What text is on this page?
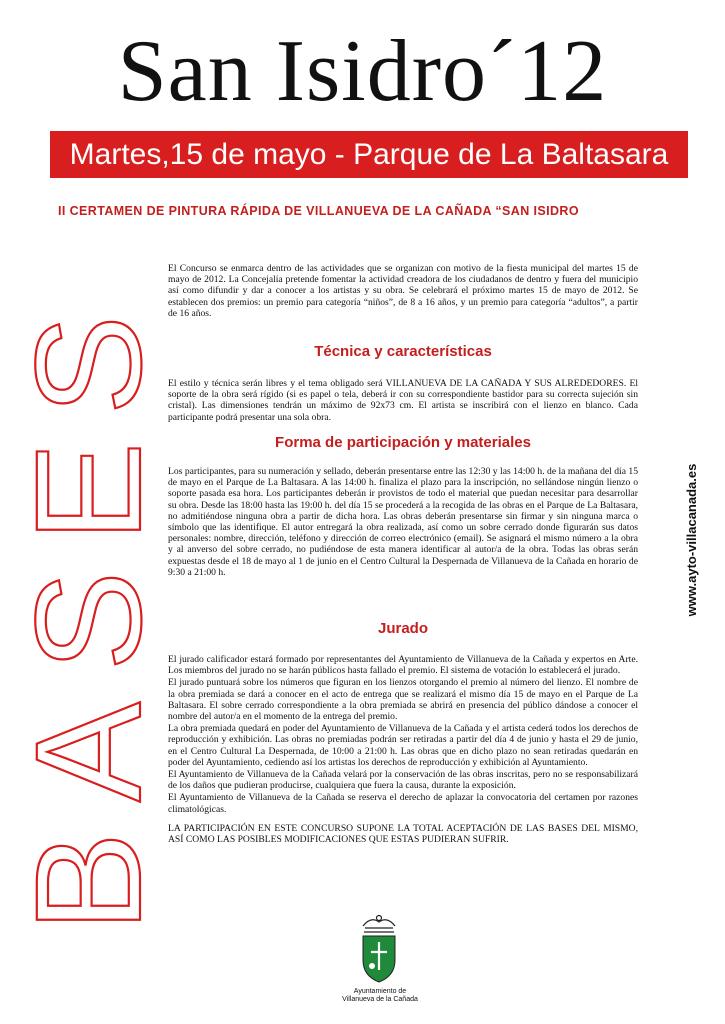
San Isidro´12
Martes,15 de mayo - Parque de La Baltasara
II CERTAMEN DE PINTURA RÁPIDA DE VILLANUEVA DE LA CAÑADA “SAN ISIDRO
S
E
S
A
B

El Concurso se enmarca dentro de las actividades que se organizan con motivo de la fiesta municipal del martes 15 de mayo de 2012. La Concejalía pretende fomentar la actividad creadora de los ciudadanos de dentro y fuera del municipio así como difundir y dar a conocer a los artistas y su obra. Se celebrará el próximo martes 15 de mayo de 2012. Se establecen dos premios: un premio para categoría “niños”, de 8 a 16 años, y un premio para categoría “adultos”, a partir de 16 años.

Técnica y características

El estilo y técnica serán libres y el tema obligado será VILLANUEVA DE LA CAÑADA Y SUS ALREDEDORES. El soporte de la obra será rígido (si es papel o tela, deberá ir con su correspondiente bastidor para su correcta sujeción sin cristal). Las dimensiones tendrán un máximo de 92x73 cm. El artista se inscribirá con el lienzo en blanco. Cada participante podrá presentar una sola obra.

Forma de participación y materiales

Los participantes, para su numeración y sellado, deberán presentarse entre las 12:30 y las 14:00 h. de la mañana del día 15 de mayo en el Parque de La Baltasara. A las 14:00 h. finaliza el plazo para la inscripción, no sellándose ningún lienzo o soporte pasada esa hora. Los participantes deberán ir provistos de todo el material que puedan necesitar para desarrollar su obra. Desde las 18:00 hasta las 19:00 h. del día 15 se procederá a la recogida de las obras en el Parque de La Baltasara, no admitiéndose ninguna obra a partir de dicha hora. Las obras deberán presentarse sin firmar y sin ninguna marca o símbolo que las identifique. El autor entregará la obra realizada, así como un sobre cerrado donde figurarán sus datos personales: nombre, dirección, teléfono y dirección de correo electrónico (email). Se asignará el mismo número a la obra y al anverso del sobre cerrado, no pudiéndose de esta manera identificar al autor/a de la obra. Todas las obras serán expuestas desde el 18 de mayo al 1 de junio en el Centro Cultural la Despernada de Villanueva de la Cañada en horario de 9:30 a 21:00 h.

Jurado

El jurado calificador estará formado por representantes del Ayuntamiento de Villanueva de la Cañada y expertos en Arte. Los miembros del jurado no se harán públicos hasta fallado el premio. El sistema de votación lo establecerá el jurado.

El jurado puntuará sobre los números que figuran en los lienzos otorgando el premio al número del lienzo. El nombre de la obra premiada se dará a conocer en el acto de entrega que se realizará el mismo día 15 de mayo en el Parque de La Baltasara. El sobre cerrado correspondiente a la obra premiada se abrirá en presencia del público dándose a conocer el nombre del autor/a en el momento de la entrega del premio.

La obra premiada quedará en poder del Ayuntamiento de Villanueva de la Cañada y el artista cederá todos los derechos de reproducción y exhibición. Las obras no premiadas podrán ser retiradas a partir del día 4 de junio y hasta el 29 de junio, en el Centro Cultural La Despernada, de 10:00 a 21:00 h. Las obras que en dicho plazo no sean retiradas quedarán en poder del Ayuntamiento, cediendo así los artistas los derechos de reproducción y exhibición al Ayuntamiento.

El Ayuntamiento de Villanueva de la Cañada velará por la conservación de las obras inscritas, pero no se responsabilizará de los daños que pudieran producirse, cualquiera que fuera la causa, durante la exposición.

El Ayuntamiento de Villanueva de la Cañada se reserva el derecho de aplazar la convocatoria del certamen por razones climatológicas.

LA PARTICIPACIÓN EN ESTE CONCURSO SUPONE LA TOTAL ACEPTACIÓN DE LAS BASES DEL MISMO, ASÍ COMO LAS POSIBLES MODIFICACIONES QUE ESTAS PUDIERAN SUFRIR.

www.ayto-villacanada.es
Ayuntamiento de
Villanueva de la Cañada
